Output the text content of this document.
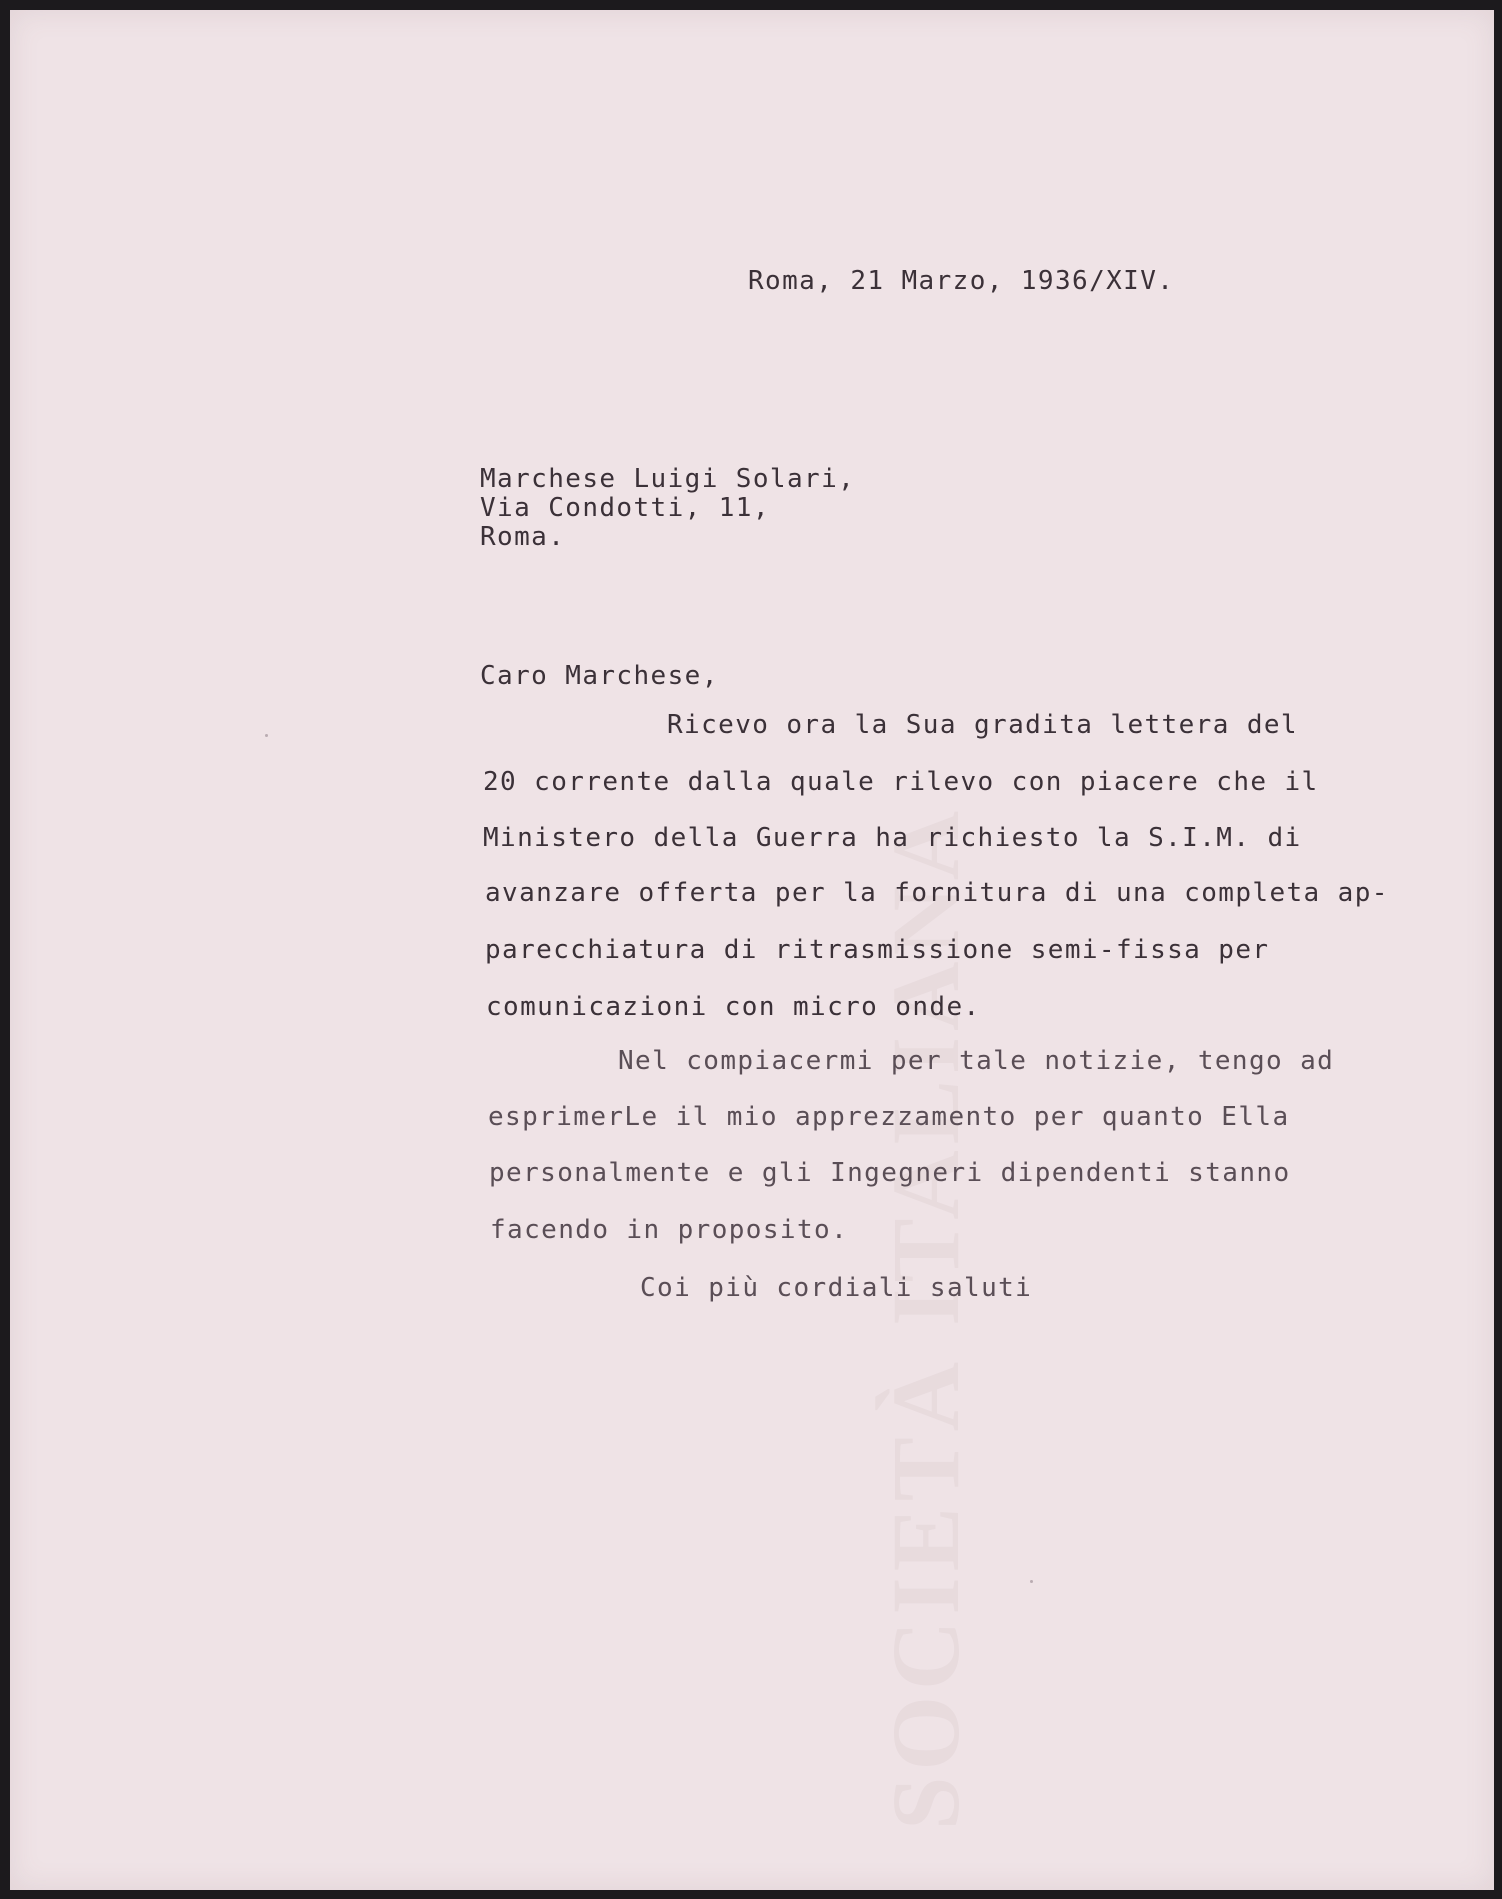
SOCIETÀ ITALIANA
Roma, 21 Marzo, 1936/XIV.
Marchese Luigi Solari,
Via Condotti, 11,
Roma.
Caro Marchese,
Ricevo ora la Sua gradita lettera del
20 corrente dalla quale rilevo con piacere che il
Ministero della Guerra ha richiesto la S.I.M. di
avanzare offerta per la fornitura di una completa ap-
parecchiatura di ritrasmissione semi-fissa per
comunicazioni con micro onde.
Nel compiacermi per tale notizie, tengo ad
esprimerLe il mio apprezzamento per quanto Ella
personalmente e gli Ingegneri dipendenti stanno
facendo in proposito.
Coi più cordiali saluti
